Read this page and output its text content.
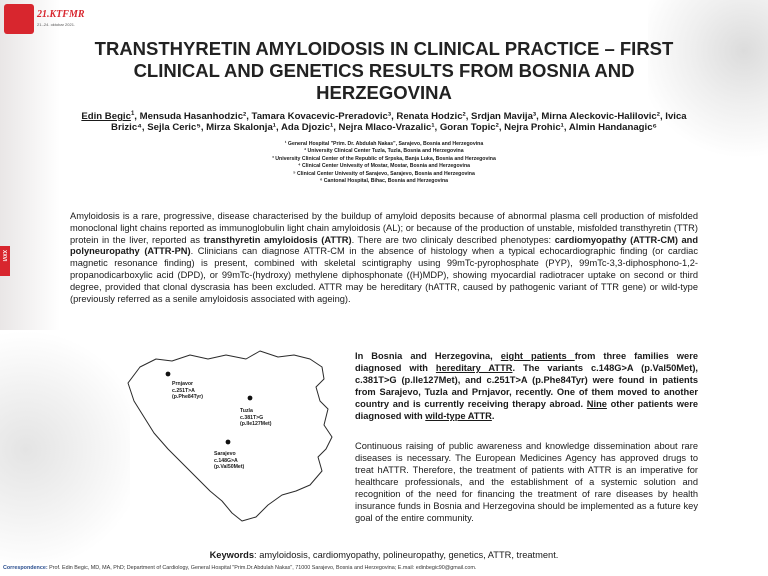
21.KTFMR
21.-24. oktobar 2021.
XXVI
TRANSTHYRETIN AMYLOIDOSIS IN CLINICAL PRACTICE – FIRST CLINICAL AND GENETICS RESULTS FROM BOSNIA AND HERZEGOVINA
Edin Begic$^1$, Mensuda Hasanhodzic², Tamara Kovacevic-Preradovic³, Renata Hodzic², Srdjan Mavija³, Mirna Aleckovic-Halilovic², Ivica Brizic⁴, Sejla Ceric⁵, Mirza Skalonja¹, Ada Djozic¹, Nejra Mlaco-Vrazalic¹, Goran Topic², Nejra Prohic¹, Almin Handanagic⁶
¹ General Hospital "Prim. Dr. Abdulah Nakas", Sarajevo, Bosnia and Herzegovina
² University Clinical Center Tuzla, Tuzla, Bosnia and Herzegovina
³ University Clinical Center of the Republic of Srpska, Banja Luka, Bosnia and Herzegovina
⁴ Clinical Center Univesity of Mostar, Mostar, Bosnia and Herzegovina
⁵ Clinical Center Univesity of Sarajevo, Sarajevo, Bosnia and Herzegovina
⁶ Cantonal Hospital, Bihac, Bosnia and Herzegovina

Amyloidosis is a rare, progressive, disease characterised by the buildup of amyloid deposits because of abnormal plasma cell production of misfolded monoclonal light chains reported as immunoglobulin light chain amyloidosis (AL); or because of the production of unstable, misfolded transthyretin (TTR) protein in the liver, reported as transthyretin amyloidosis (ATTR). There are two clinicaly described phenotypes: cardiomyopathy (ATTR-CM) and polyneuropathy (ATTR-PN). Clinicians can diagnose ATTR-CM in the absence of histology when a typical echocardiographic finding (or cardiac magnetic resonance finding) is present, combined with skeletal scintigraphy using 99mTc-pyrophosphate (PYP), 99mTc-3,3-diphosphono-1,2-propanodicarboxylic acid (DPD), or 99mTc-(hydroxy) methylene diphosphonate ((H)MDP), showing myocardial radiotracer uptake on second or third degree, provided that clonal dyscrasia has been excluded. ATTR may be hereditary (hATTR, caused by pathogenic variant of TTR gene) or wild-type (previously referred as a senile amyloidosis associated with ageing).

Prnjavor
c.251T>A
(p.Phe84Tyr)
Tuzla
c.381T>G
(p.Ile127Met)
Sarajevo
c.148G>A
(p.Val50Met)

In Bosnia and Herzegovina, eight patients from three families were diagnosed with hereditary ATTR. The variants c.148G>A (p.Val50Met), c.381T>G (p.Ile127Met), and c.251T>A (p.Phe84Tyr) were found in patients from Sarajevo, Tuzla and Prnjavor, recently. One of them moved to another country and is currently receiving therapy abroad. Nine other patients were diagnosed with wild-type ATTR.

Continuous raising of public awareness and knowledge dissemination about rare diseases is necessary. The European Medicines Agency has approved drugs to treat hATTR. Therefore, the treatment of patients with ATTR is an imperative for healthcare professionals, and the establishment of a systemic solution and recognition of the need for financing the treatment of rare diseases by health insurance funds in Bosnia and Herzegovina should be implemented as a future key goal of the entire community.

Keywords: amyloidosis, cardiomyopathy, polineuropathy, genetics, ATTR, treatment.
Correspondence: Prof. Edin Begic, MD, MA, PhD; Department of Cardiology, General Hospital "Prim.Dr.Abdulah Nakas", 71000 Sarajevo, Bosnia and Herzegovina; E.mail: edinbegic90@gmail.com.
